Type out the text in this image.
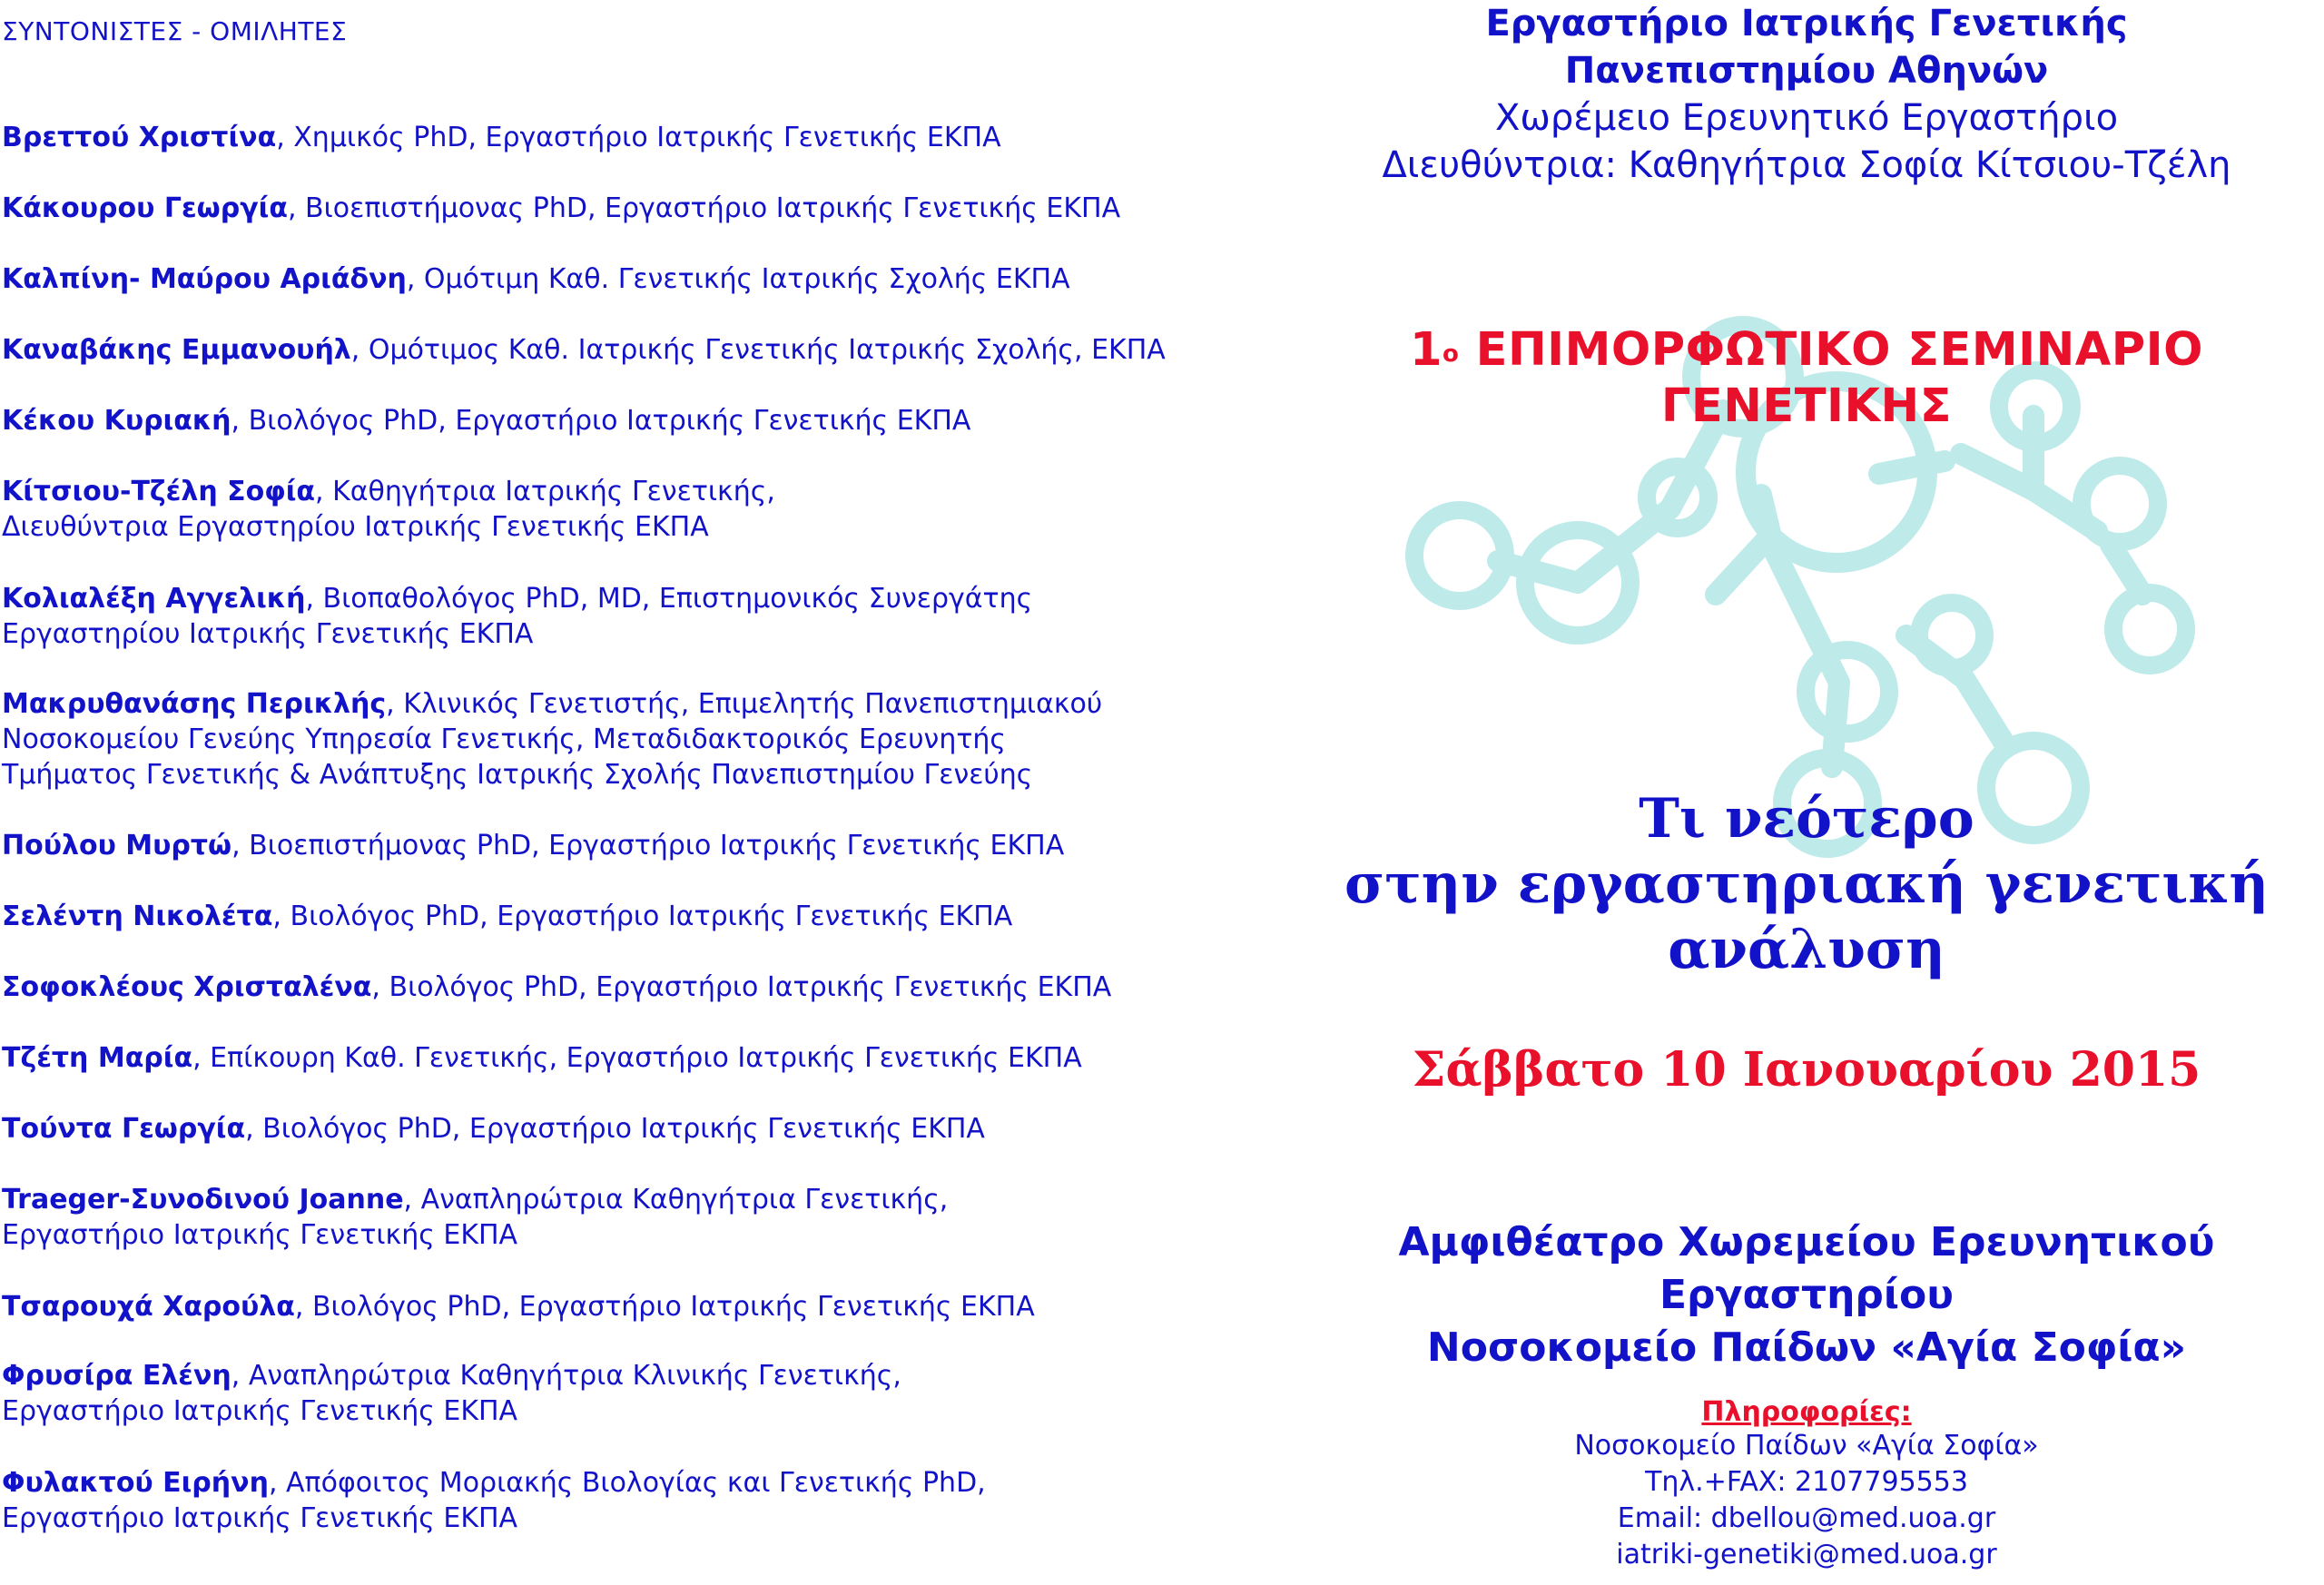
ΣΥΝΤΟΝΙΣΤΕΣ - ΟΜΙΛΗΤΕΣ
Βρεττού Χριστίνα, Χημικός PhD, Εργαστήριο Ιατρικής Γενετικής ΕΚΠΑ
Κάκουρου Γεωργία, Βιοεπιστήμονας PhD, Εργαστήριο Ιατρικής Γενετικής ΕΚΠΑ
Καλπίνη- Μαύρου Αριάδνη, Ομότιμη Καθ. Γενετικής Ιατρικής Σχολής ΕΚΠΑ
Καναβάκης Εμμανουήλ, Ομότιμος Καθ. Ιατρικής Γενετικής Ιατρικής Σχολής, ΕΚΠΑ
Κέκου Κυριακή, Βιολόγος PhD, Εργαστήριο Ιατρικής Γενετικής ΕΚΠΑ
Κίτσιου-Τζέλη Σοφία, Καθηγήτρια Ιατρικής Γενετικής,
Διευθύντρια Εργαστηρίου Ιατρικής Γενετικής ΕΚΠΑ
Κολιαλέξη Αγγελική, Βιοπαθολόγος PhD, MD, Επιστημονικός Συνεργάτης
Εργαστηρίου Ιατρικής Γενετικής ΕΚΠΑ
Μακρυθανάσης Περικλής, Κλινικός Γενετιστής, Επιμελητής Πανεπιστημιακού
Νοσοκομείου Γενεύης Υπηρεσία Γενετικής, Μεταδιδακτορικός Ερευνητής
Τμήματος Γενετικής & Ανάπτυξης Ιατρικής Σχολής Πανεπιστημίου Γενεύης
Πούλου Μυρτώ, Βιοεπιστήμονας PhD, Εργαστήριο Ιατρικής Γενετικής ΕΚΠΑ
Σελέντη Νικολέτα, Βιολόγος PhD, Εργαστήριο Ιατρικής Γενετικής ΕΚΠΑ
Σοφοκλέους Χρισταλένα, Βιολόγος PhD, Εργαστήριο Ιατρικής Γενετικής ΕΚΠΑ
Τζέτη Μαρία, Επίκουρη Καθ. Γενετικής, Εργαστήριο Ιατρικής Γενετικής ΕΚΠΑ
Τούντα Γεωργία, Βιολόγος PhD, Εργαστήριο Ιατρικής Γενετικής ΕΚΠΑ
Traeger-Συνοδινού Joanne, Αναπληρώτρια Καθηγήτρια Γενετικής,
Εργαστήριο Ιατρικής Γενετικής ΕΚΠΑ
Τσαρουχά Χαρούλα, Βιολόγος PhD, Εργαστήριο Ιατρικής Γενετικής ΕΚΠΑ
Φρυσίρα Ελένη, Αναπληρώτρια Καθηγήτρια Κλινικής Γενετικής,
Εργαστήριο Ιατρικής Γενετικής ΕΚΠΑ
Φυλακτού Ειρήνη, Απόφοιτος Μοριακής Βιολογίας και Γενετικής PhD,
Εργαστήριο Ιατρικής Γενετικής ΕΚΠΑ
Εργαστήριο Ιατρικής Γενετικής
Πανεπιστημίου Αθηνών
Χωρέμειο Ερευνητικό Εργαστήριο
Διευθύντρια: Καθηγήτρια Σοφία Κίτσιου-Τζέλη
$1^o$ ΕΠΙΜΟΡΦΩΤΙΚΟ ΣΕΜΙΝΑΡΙΟ
ΓΕΝΕΤΙΚΗΣ
Τι νεότερο
στην εργαστηριακή γενετική ανάλυση
Σάββατο 10 Ιανουαρίου 2015
Αμφιθέατρο Χωρεμείου Ερευνητικού Εργαστηρίου
Νοσοκομείο Παίδων «Αγία Σοφία»
Πληροφορίες:
Νοσοκομείο Παίδων «Αγία Σοφία»
Τηλ.+FAX: 2107795553
Email: dbellou@med.uoa.gr
iatriki-genetiki@med.uoa.gr
